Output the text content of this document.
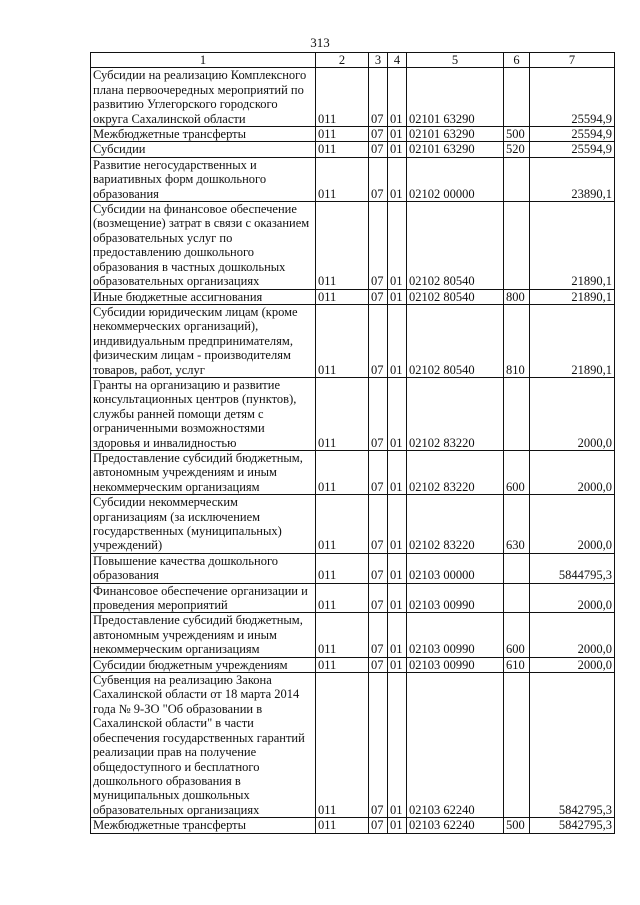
313
1	2	3	4	5	6	7
Субсидии на реализацию Комплексного плана первоочередных мероприятий по развитию Углегорского городского округа Сахалинской области	011	07	01	02101 63290		25594,9
Межбюджетные трансферты	011	07	01	02101 63290	500	25594,9
Субсидии	011	07	01	02101 63290	520	25594,9
Развитие негосударственных и вариативных форм дошкольного образования	011	07	01	02102 00000		23890,1
Субсидии на финансовое обеспечение (возмещение) затрат в связи с оказанием образовательных услуг по предоставлению дошкольного образования в частных дошкольных образовательных организациях	011	07	01	02102 80540		21890,1
Иные бюджетные ассигнования	011	07	01	02102 80540	800	21890,1
Субсидии юридическим лицам (кроме некоммерческих организаций), индивидуальным предпринимателям, физическим лицам - производителям товаров, работ, услуг	011	07	01	02102 80540	810	21890,1
Гранты на организацию и развитие консультационных центров (пунктов), службы ранней помощи детям с ограниченными возможностями здоровья и инвалидностью	011	07	01	02102 83220		2000,0
Предоставление субсидий бюджетным, автономным учреждениям и иным некоммерческим организациям	011	07	01	02102 83220	600	2000,0
Субсидии некоммерческим организациям (за исключением государственных (муниципальных) учреждений)	011	07	01	02102 83220	630	2000,0
Повышение качества дошкольного образования	011	07	01	02103 00000		5844795,3
Финансовое обеспечение организации и проведения мероприятий	011	07	01	02103 00990		2000,0
Предоставление субсидий бюджетным, автономным учреждениям и иным некоммерческим организациям	011	07	01	02103 00990	600	2000,0
Субсидии бюджетным учреждениям	011	07	01	02103 00990	610	2000,0
Субвенция на реализацию Закона Сахалинской области от 18 марта 2014 года № 9-ЗО "Об образовании в Сахалинской области" в части обеспечения государственных гарантий реализации прав на получение общедоступного и бесплатного дошкольного образования в муниципальных дошкольных образовательных организациях	011	07	01	02103 62240		5842795,3
Межбюджетные трансферты	011	07	01	02103 62240	500	5842795,3
